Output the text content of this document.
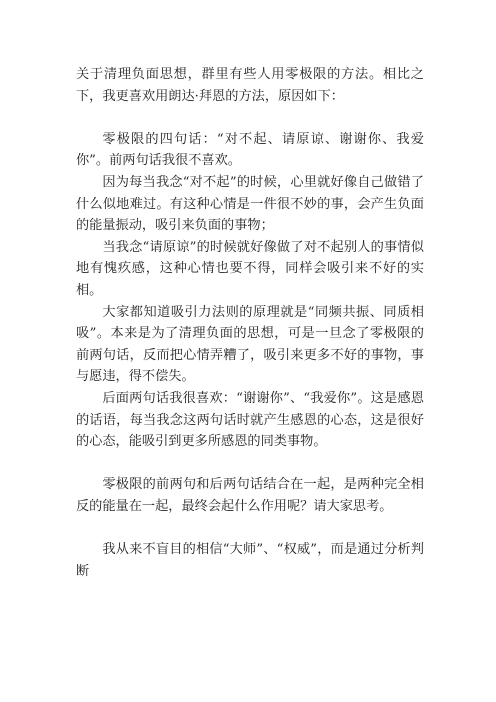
关于清理负面思想，群里有些人用零极限的方法。相比之下，我更喜欢用朗达·拜恩的方法，原因如下：

零极限的四句话：“对不起、请原谅、谢谢你、我爱你”。前两句话我很不喜欢。

因为每当我念“对不起”的时候，心里就好像自己做错了什么似地难过。有这种心情是一件很不妙的事，会产生负面的能量振动，吸引来负面的事物；

当我念“请原谅”的时候就好像做了对不起别人的事情似地有愧疚感，这种心情也要不得，同样会吸引来不好的实相。

大家都知道吸引力法则的原理就是“同频共振、同质相吸”。本来是为了清理负面的思想，可是一旦念了零极限的前两句话，反而把心情弄糟了，吸引来更多不好的事物，事与愿违，得不偿失。

后面两句话我很喜欢：“谢谢你”、“我爱你”。这是感恩的话语，每当我念这两句话时就产生感恩的心态，这是很好的心态，能吸引到更多所感恩的同类事物。

零极限的前两句和后两句话结合在一起，是两种完全相反的能量在一起，最终会起什么作用呢？请大家思考。

我从来不盲目的相信“大师”、“权威”，而是通过分析判断
